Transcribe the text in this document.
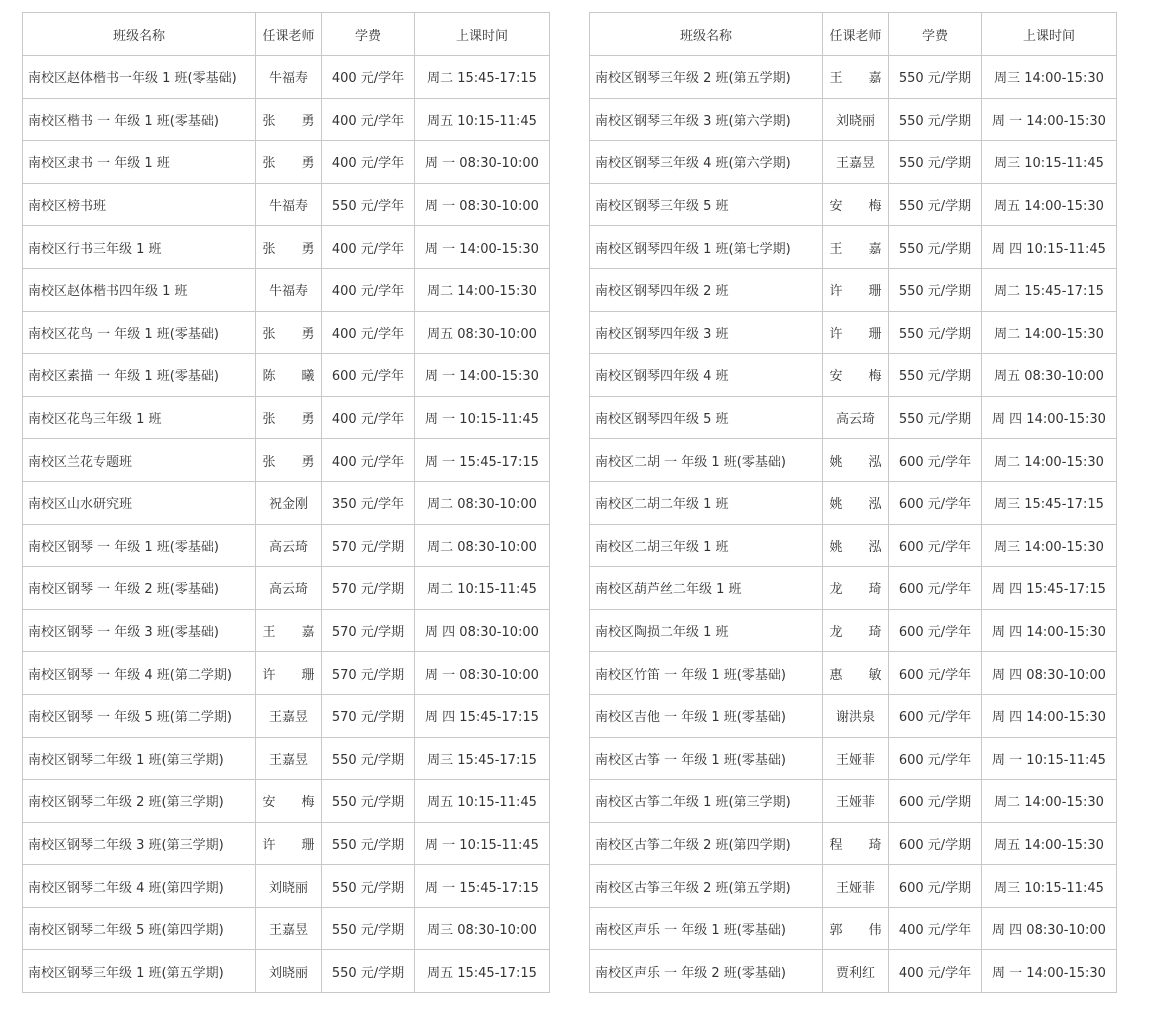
班级名称	任课老师	学费	上课时间
南校区赵体楷书一年级 1 班(零基础)	牛福寿	400 元/学年	周二 15:45-17:15
南校区楷书 一 年级 1 班(零基础)	张　　勇	400 元/学年	周五 10:15-11:45
南校区隶书 一 年级 1 班	张　　勇	400 元/学年	周 一 08:30-10:00
南校区榜书班	牛福寿	550 元/学年	周 一 08:30-10:00
南校区行书三年级 1 班	张　　勇	400 元/学年	周 一 14:00-15:30
南校区赵体楷书四年级 1 班	牛福寿	400 元/学年	周二 14:00-15:30
南校区花鸟 一 年级 1 班(零基础)	张　　勇	400 元/学年	周五 08:30-10:00
南校区素描 一 年级 1 班(零基础)	陈　　曦	600 元/学年	周 一 14:00-15:30
南校区花鸟三年级 1 班	张　　勇	400 元/学年	周 一 10:15-11:45
南校区兰花专题班	张　　勇	400 元/学年	周 一 15:45-17:15
南校区山水研究班	祝金刚	350 元/学年	周二 08:30-10:00
南校区钢琴 一 年级 1 班(零基础)	高云琦	570 元/学期	周二 08:30-10:00
南校区钢琴 一 年级 2 班(零基础)	高云琦	570 元/学期	周二 10:15-11:45
南校区钢琴 一 年级 3 班(零基础)	王　　嘉	570 元/学期	周 四 08:30-10:00
南校区钢琴 一 年级 4 班(第二学期)	许　　珊	570 元/学期	周 一 08:30-10:00
南校区钢琴 一 年级 5 班(第二学期)	王嘉昱	570 元/学期	周 四 15:45-17:15
南校区钢琴二年级 1 班(第三学期)	王嘉昱	550 元/学期	周三 15:45-17:15
南校区钢琴二年级 2 班(第三学期)	安　　梅	550 元/学期	周五 10:15-11:45
南校区钢琴二年级 3 班(第三学期)	许　　珊	550 元/学期	周 一 10:15-11:45
南校区钢琴二年级 4 班(第四学期)	刘晓丽	550 元/学期	周 一 15:45-17:15
南校区钢琴二年级 5 班(第四学期)	王嘉昱	550 元/学期	周三 08:30-10:00
南校区钢琴三年级 1 班(第五学期)	刘晓丽	550 元/学期	周五 15:45-17:15
班级名称	任课老师	学费	上课时间
南校区钢琴三年级 2 班(第五学期)	王　　嘉	550 元/学期	周三 14:00-15:30
南校区钢琴三年级 3 班(第六学期)	刘晓丽	550 元/学期	周 一 14:00-15:30
南校区钢琴三年级 4 班(第六学期)	王嘉昱	550 元/学期	周三 10:15-11:45
南校区钢琴三年级 5 班	安　　梅	550 元/学期	周五 14:00-15:30
南校区钢琴四年级 1 班(第七学期)	王　　嘉	550 元/学期	周 四 10:15-11:45
南校区钢琴四年级 2 班	许　　珊	550 元/学期	周二 15:45-17:15
南校区钢琴四年级 3 班	许　　珊	550 元/学期	周二 14:00-15:30
南校区钢琴四年级 4 班	安　　梅	550 元/学期	周五 08:30-10:00
南校区钢琴四年级 5 班	高云琦	550 元/学期	周 四 14:00-15:30
南校区二胡 一 年级 1 班(零基础)	姚　　泓	600 元/学年	周二 14:00-15:30
南校区二胡二年级 1 班	姚　　泓	600 元/学年	周三 15:45-17:15
南校区二胡三年级 1 班	姚　　泓	600 元/学年	周三 14:00-15:30
南校区葫芦丝二年级 1 班	龙　　琦	600 元/学年	周 四 15:45-17:15
南校区陶损二年级 1 班	龙　　琦	600 元/学年	周 四 14:00-15:30
南校区竹笛 一 年级 1 班(零基础)	惠　　敏	600 元/学年	周 四 08:30-10:00
南校区吉他 一 年级 1 班(零基础)	谢洪泉	600 元/学年	周 四 14:00-15:30
南校区古筝 一 年级 1 班(零基础)	王娅菲	600 元/学年	周 一 10:15-11:45
南校区古筝二年级 1 班(第三学期)	王娅菲	600 元/学期	周二 14:00-15:30
南校区古筝二年级 2 班(第四学期)	程　　琦	600 元/学期	周五 14:00-15:30
南校区古筝三年级 2 班(第五学期)	王娅菲	600 元/学期	周三 10:15-11:45
南校区声乐 一 年级 1 班(零基础)	郭　　伟	400 元/学年	周 四 08:30-10:00
南校区声乐 一 年级 2 班(零基础)	贾利红	400 元/学年	周 一 14:00-15:30
